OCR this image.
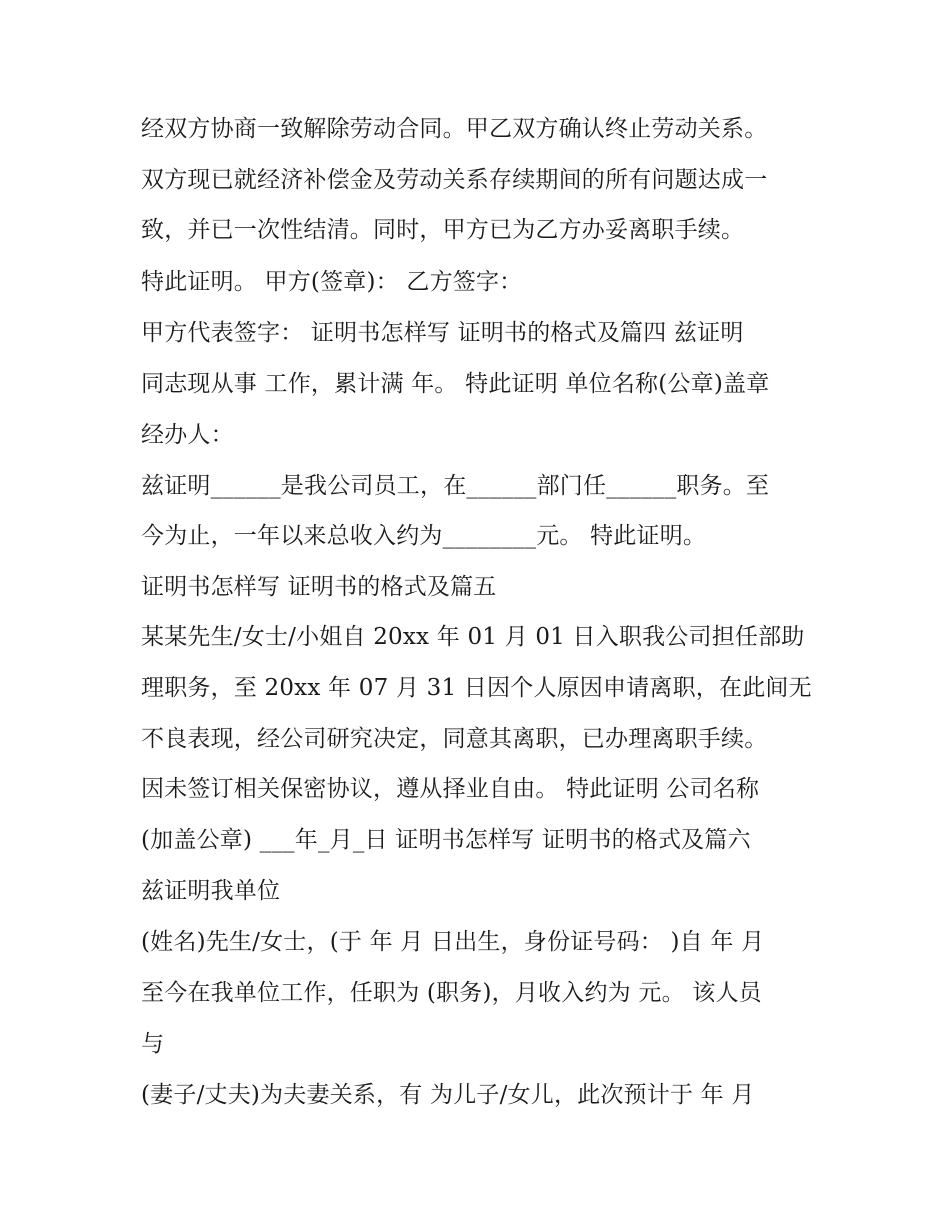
经双方协商一致解除劳动合同。甲乙双方确认终止劳动关系。
双方现已就经济补偿金及劳动关系存续期间的所有问题达成一
致，并已一次性结清。同时，甲方已为乙方办妥离职手续。
特此证明。 甲方(签章)： 乙方签字：
甲方代表签字： 证明书怎样写 证明书的格式及篇四 兹证明
同志现从事 工作，累计满 年。 特此证明 单位名称(公章)盖章
经办人：
兹证明______是我公司员工，在______部门任______职务。至
今为止，一年以来总收入约为________元。 特此证明。
证明书怎样写 证明书的格式及篇五
某某先生/女士/小姐自 20xx 年 01 月 01 日入职我公司担任部助
理职务，至 20xx 年 07 月 31 日因个人原因申请离职，在此间无
不良表现，经公司研究决定，同意其离职，已办理离职手续。
因未签订相关保密协议，遵从择业自由。 特此证明 公司名称
(加盖公章) ___年_月_日 证明书怎样写 证明书的格式及篇六
兹证明我单位
(姓名)先生/女士，(于 年 月 日出生，身份证号码： )自 年 月
至今在我单位工作，任职为 (职务)，月收入约为 元。 该人员
与
(妻子/丈夫)为夫妻关系，有 为儿子/女儿，此次预计于 年 月
